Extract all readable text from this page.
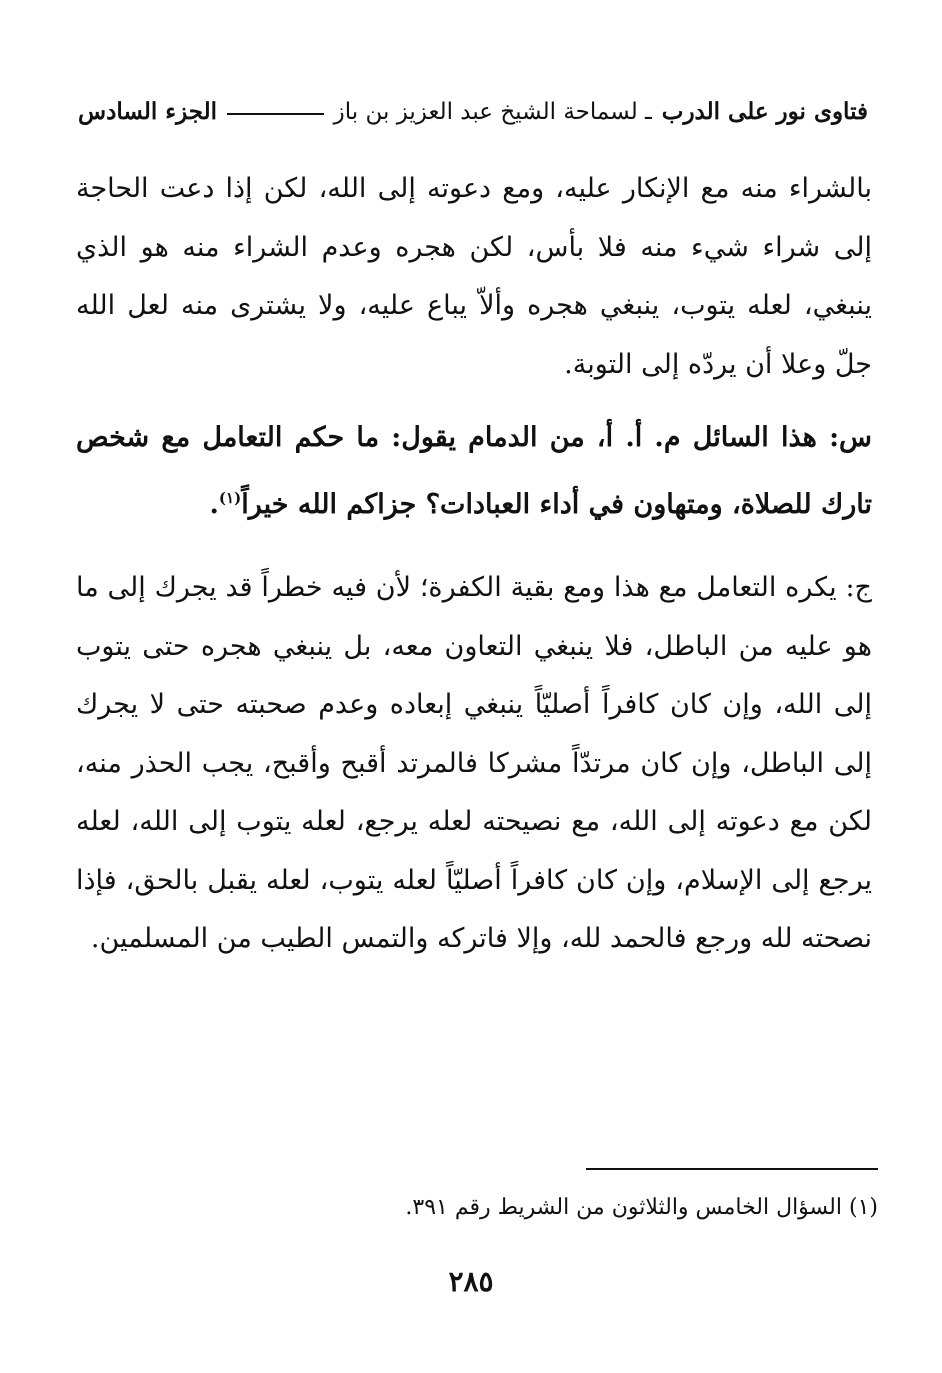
فتاوى نور على الدرب
ـ لسماحة الشيخ عبد العزيز بن باز
الجزء السادس

بالشراء منه مع الإنكار عليه، ومع دعوته إلى الله، لكن إذا دعت الحاجة إلى شراء شيء منه فلا بأس، لكن هجره وعدم الشراء منه هو الذي ينبغي، لعله يتوب، ينبغي هجره وألاّ يباع عليه، ولا يشترى منه لعل الله جلّ وعلا أن يردّه إلى التوبة.

س: هذا السائل م. أ. أ، من الدمام يقول: ما حكم التعامل مع شخص تارك للصلاة، ومتهاون في أداء العبادات؟ جزاكم الله خيراً$^{(١)}$.

ج: يكره التعامل مع هذا ومع بقية الكفرة؛ لأن فيه خطراً قد يجرك إلى ما هو عليه من الباطل، فلا ينبغي التعاون معه، بل ينبغي هجره حتى يتوب إلى الله، وإن كان كافراً أصليّاً ينبغي إبعاده وعدم صحبته حتى لا يجرك إلى الباطل، وإن كان مرتدّاً مشركا فالمرتد أقبح وأقبح، يجب الحذر منه، لكن مع دعوته إلى الله، مع نصيحته لعله يرجع، لعله يتوب إلى الله، لعله يرجع إلى الإسلام، وإن كان كافراً أصليّاً لعله يتوب، لعله يقبل بالحق، فإذا نصحته لله ورجع فالحمد لله، وإلا فاتركه والتمس الطيب من المسلمين.

(١) السؤال الخامس والثلاثون من الشريط رقم ٣٩١.
٢٨٥
